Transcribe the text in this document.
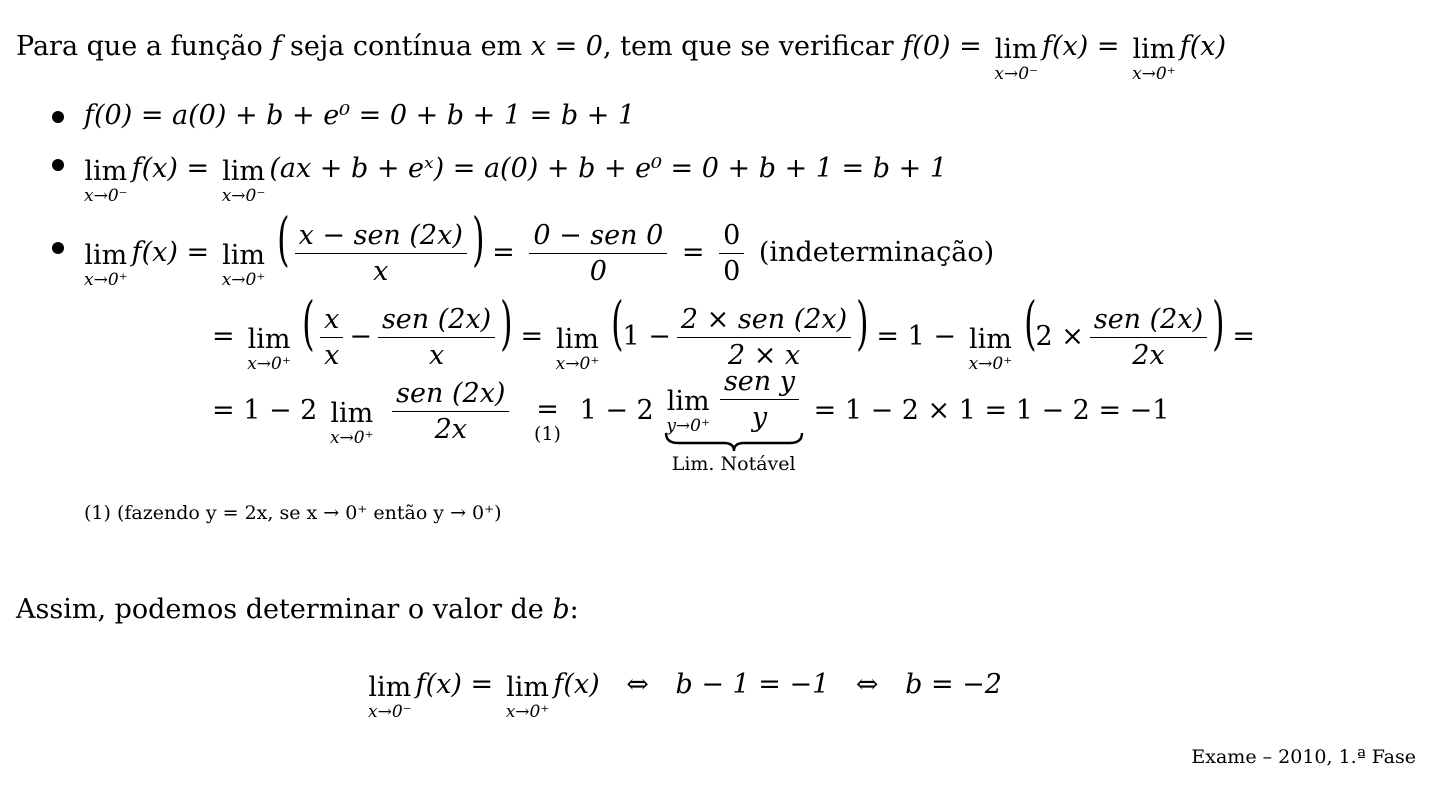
Para que a função f seja contínua em x = 0, tem que se verificar f(0) = lim
x→0⁻
f(x) = lim
x→0⁺
f(x)
f(0) = a(0) + b + e⁰ = 0 + b + 1 = b + 1
lim
x→0⁻
f(x) = lim
x→0⁻
(ax + b + eˣ) = a(0) + b + e⁰ = 0 + b + 1 = b + 1
lim
x→0⁺
f(x) = lim
x→0⁺
( $\frac{\text{x − sen (2x)}}{x}$ ) = $\frac{\text{0 − sen 0}}{0} = \frac{0}{0}$ (indeterminação)
= lim
x→0⁺
( $\frac{x}{x} - \frac{\text{sen (2x)}}{x}$ ) = lim
x→0⁺
($1 - \frac{\text{2 × sen (2x)}}{2 \times x}$ ) = 1 − lim
x→0⁺
($2 \times \frac{\text{sen (2x)}}{2x}$ ) =
= 1 − 2 lim
x→0⁺
$\frac{\text{sen (2x)}}{2x}$
=
(1)
1 − 2 lim
$y\to 0^+ \frac{\text{sen y}}{y}$
Lim. Notável
= 1 − 2 × 1 = 1 − 2 = −1
(1) (fazendo y = 2x, se x → 0⁺ então y → 0⁺)
Assim, podemos determinar o valor de b:
lim
x→0⁻
f(x) = lim
x→0⁺
f(x) ⇔ b − 1 = −1 ⇔ b = −2
Exame – 2010, 1.ª Fase
